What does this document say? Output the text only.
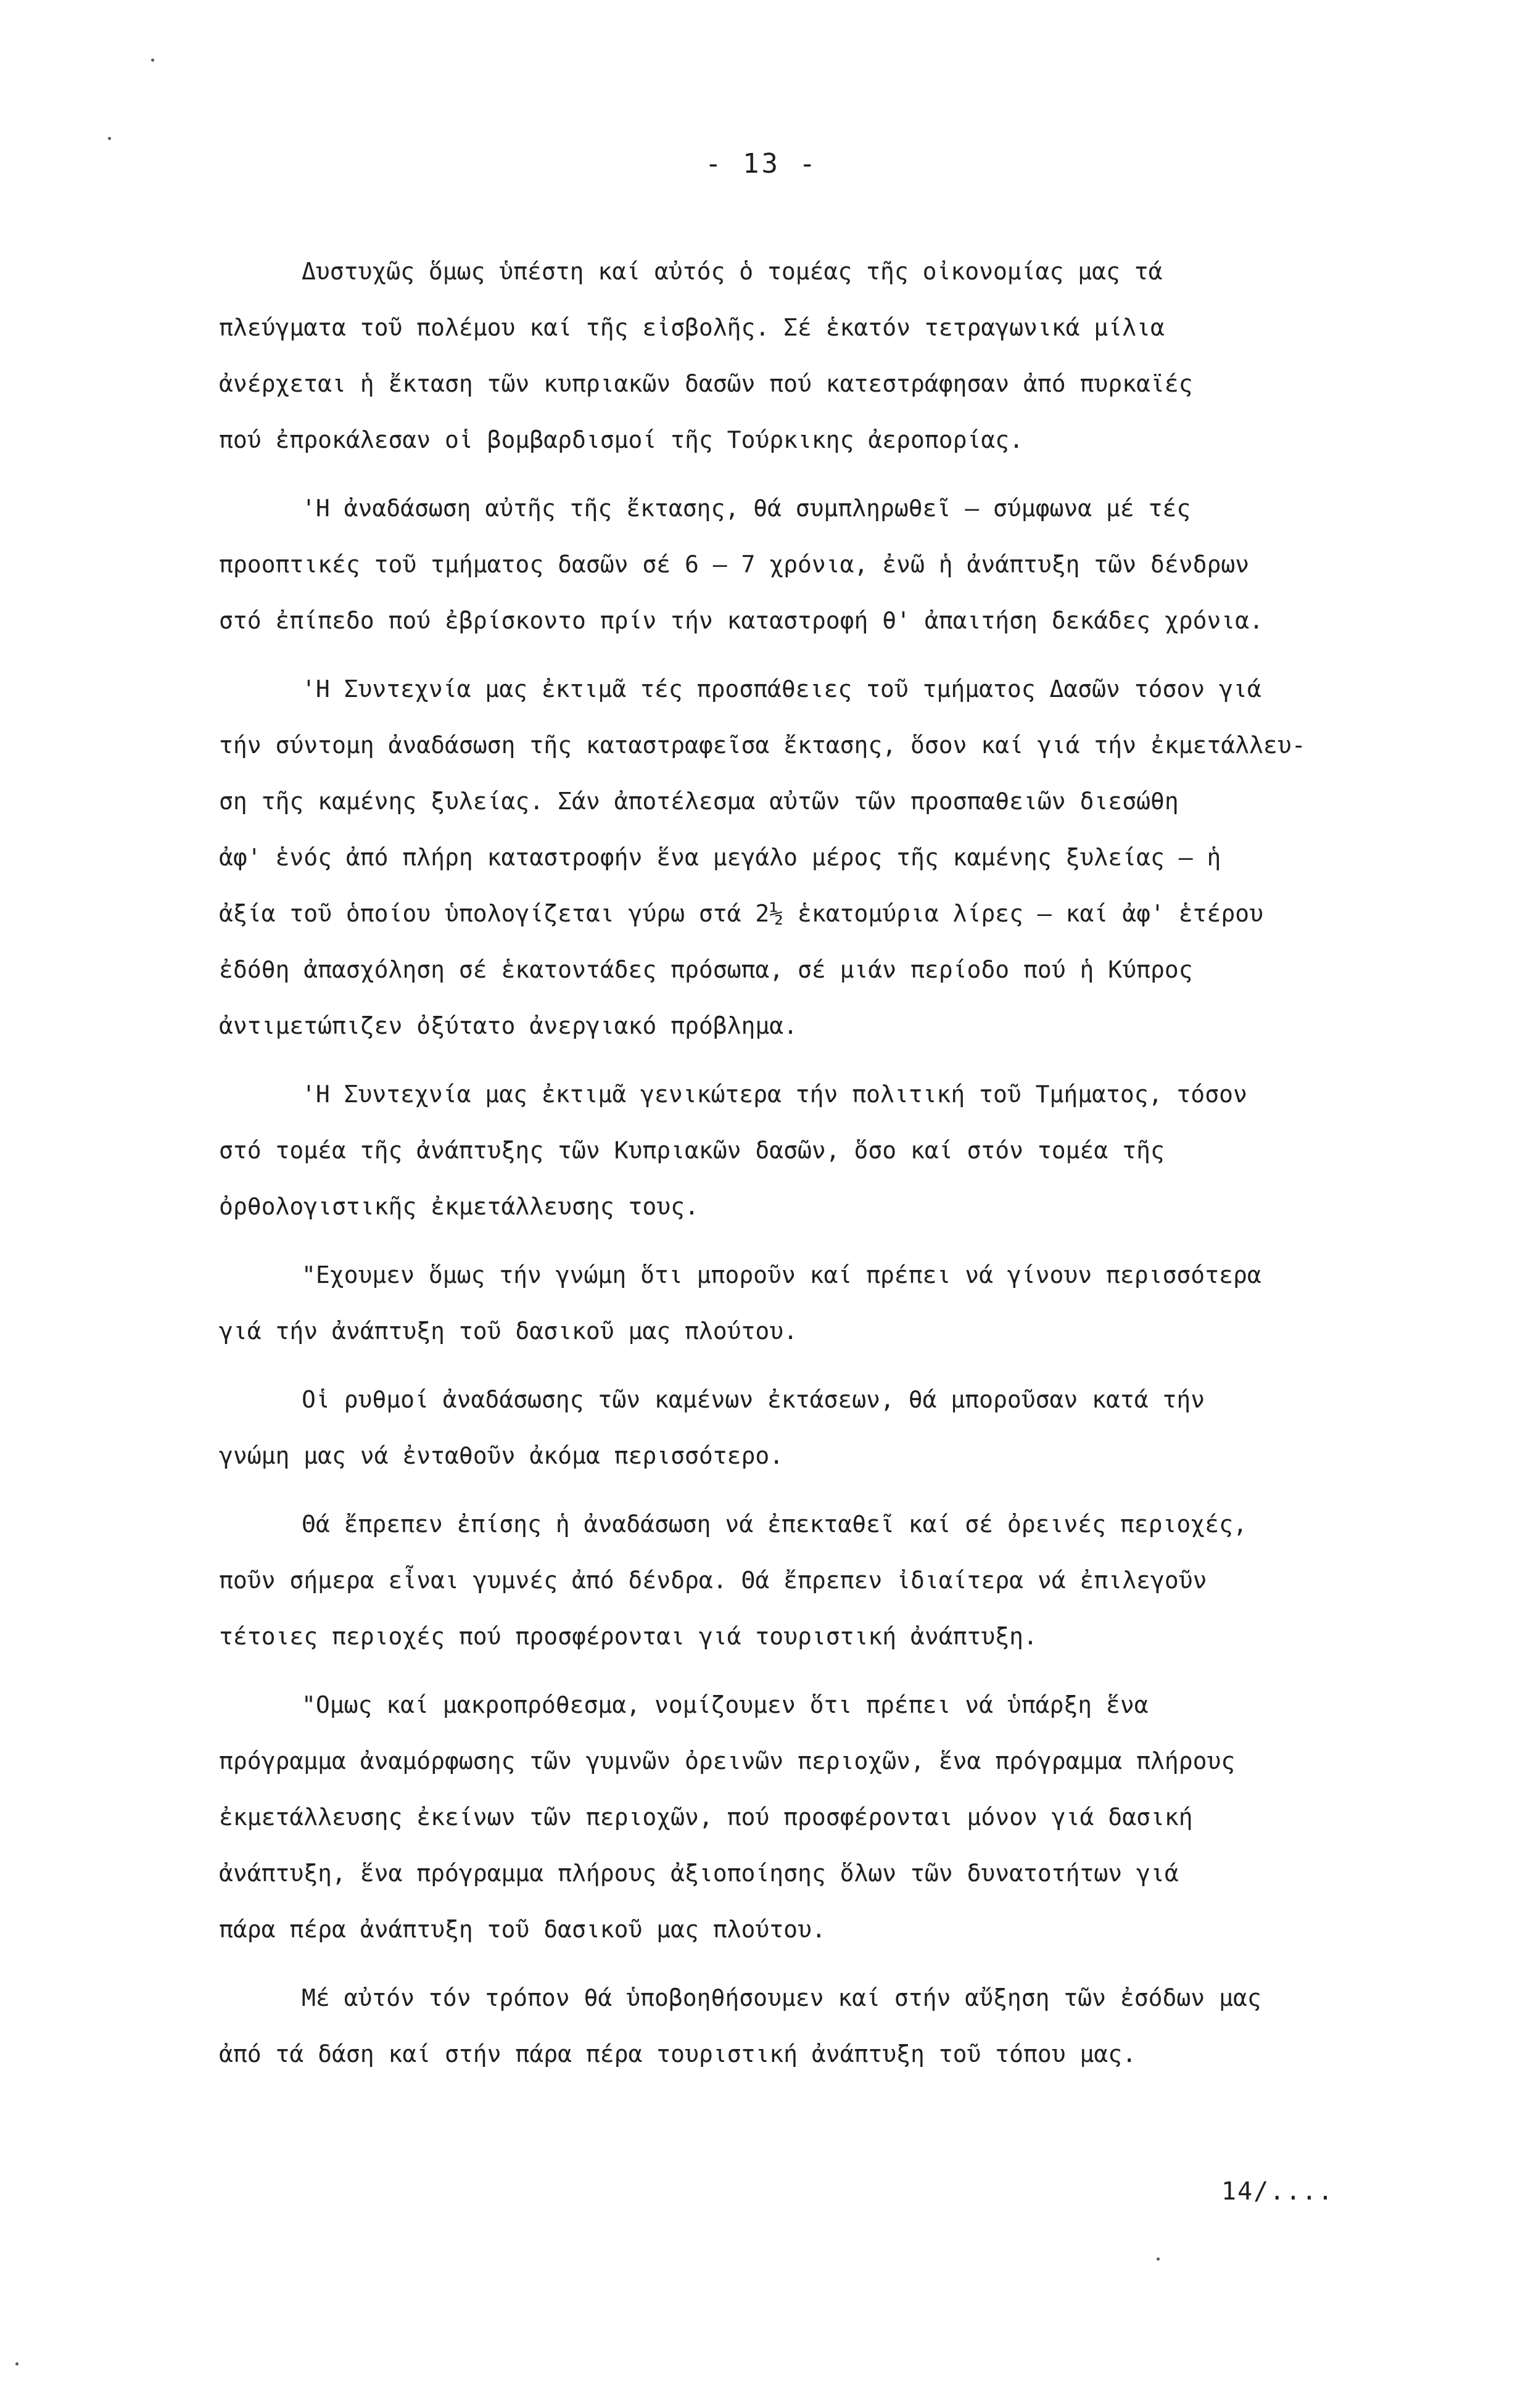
- 13 -
Δυστυχῶς ὅμως ὑπέστη καί αὐτός ὁ τομέας τῆς οἰκονομίας μας τά
πλεύγματα τοῦ πολέμου καί τῆς εἰσβολῆς. Σέ ἑκατόν τετραγωνικά μίλια
ἀνέρχεται ἡ ἔκταση τῶν κυπριακῶν δασῶν πού κατεστράφησαν ἀπό πυρκαϊές
πού ἐπροκάλεσαν οἱ βομβαρδισμοί τῆς Τούρκικης ἀεροπορίας.
'Η ἀναδάσωση αὐτῆς τῆς ἔκτασης, θά συμπληρωθεῖ – σύμφωνα μέ τές
προοπτικές τοῦ τμήματος δασῶν σέ 6 – 7 χρόνια, ἐνῶ ἡ ἀνάπτυξη τῶν δένδρων
στό ἐπίπεδο πού ἐβρίσκοντο πρίν τήν καταστροφή θ' ἀπαιτήση δεκάδες χρόνια.
'Η Συντεχνία μας ἐκτιμᾶ τές προσπάθειες τοῦ τμήματος Δασῶν τόσον γιά
τήν σύντομη ἀναδάσωση τῆς καταστραφεῖσα ἔκτασης, ὅσον καί γιά τήν ἐκμετάλλευ-
ση τῆς καμένης ξυλείας. Σάν ἀποτέλεσμα αὐτῶν τῶν προσπαθειῶν διεσώθη
ἀφ' ἑνός ἀπό πλήρη καταστροφήν ἕνα μεγάλο μέρος τῆς καμένης ξυλείας – ἡ
ἀξία τοῦ ὁποίου ὑπολογίζεται γύρω στά 2½ ἑκατομύρια λίρες – καί ἀφ' ἑτέρου
ἐδόθη ἀπασχόληση σέ ἑκατοντάδες πρόσωπα, σέ μιάν περίοδο πού ἡ Κύπρος
ἀντιμετώπιζεν ὀξύτατο ἀνεργιακό πρόβλημα.
'Η Συντεχνία μας ἐκτιμᾶ γενικώτερα τήν πολιτική τοῦ Τμήματος, τόσον
στό τομέα τῆς ἀνάπτυξης τῶν Κυπριακῶν δασῶν, ὅσο καί στόν τομέα τῆς
ὀρθολογιστικῆς ἐκμετάλλευσης τους.
"Εχουμεν ὅμως τήν γνώμη ὅτι μποροῦν καί πρέπει νά γίνουν περισσότερα
γιά τήν ἀνάπτυξη τοῦ δασικοῦ μας πλούτου.
Οἱ ρυθμοί ἀναδάσωσης τῶν καμένων ἐκτάσεων, θά μποροῦσαν κατά τήν
γνώμη μας νά ἐνταθοῦν ἀκόμα περισσότερο.
Θά ἔπρεπεν ἐπίσης ἡ ἀναδάσωση νά ἐπεκταθεῖ καί σέ ὀρεινές περιοχές,
ποῦν σήμερα εἶναι γυμνές ἀπό δένδρα. Θά ἔπρεπεν ἰδιαίτερα νά ἐπιλεγοῦν
τέτοιες περιοχές πού προσφέρονται γιά τουριστική ἀνάπτυξη.
"Ομως καί μακροπρόθεσμα, νομίζουμεν ὅτι πρέπει νά ὑπάρξη ἕνα
πρόγραμμα ἀναμόρφωσης τῶν γυμνῶν ὀρεινῶν περιοχῶν, ἕνα πρόγραμμα πλήρους
ἐκμετάλλευσης ἐκείνων τῶν περιοχῶν, πού προσφέρονται μόνον γιά δασική
ἀνάπτυξη, ἕνα πρόγραμμα πλήρους ἀξιοποίησης ὅλων τῶν δυνατοτήτων γιά
πάρα πέρα ἀνάπτυξη τοῦ δασικοῦ μας πλούτου.
Μέ αὐτόν τόν τρόπον θά ὑποβοηθήσουμεν καί στήν αὔξηση τῶν ἐσόδων μας
ἀπό τά δάση καί στήν πάρα πέρα τουριστική ἀνάπτυξη τοῦ τόπου μας.
14/....
